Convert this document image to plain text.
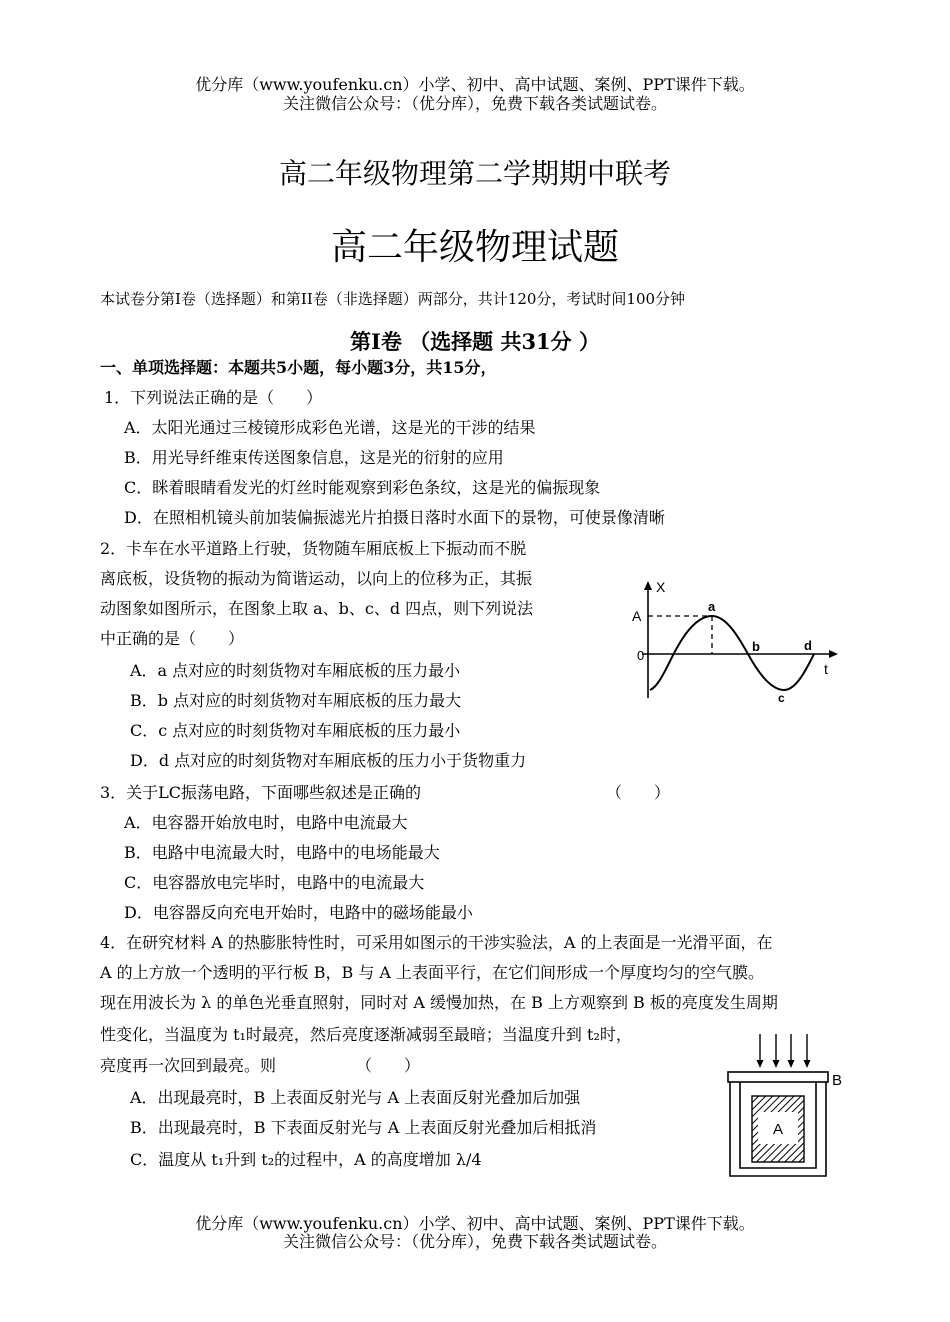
优分库（www.youfenku.cn）小学、初中、高中试题、案例、PPT课件下载。
关注微信公众号：（优分库），免费下载各类试题试卷。
高二年级物理第二学期期中联考
高二年级物理试题
本试卷分第Ⅰ卷（选择题）和第II卷（非选择题）两部分，共计120分，考试时间100分钟
第Ⅰ卷 （选择题 共31分 ）
一、单项选择题：本题共5小题，每小题3分，共15分，
1．下列说法正确的是（　　）
A．太阳光通过三棱镜形成彩色光谱，这是光的干涉的结果
B．用光导纤维束传送图象信息，这是光的衍射的应用
C．眯着眼睛看发光的灯丝时能观察到彩色条纹，这是光的偏振现象
D．在照相机镜头前加装偏振滤光片拍摄日落时水面下的景物，可使景像清晰
2．卡车在水平道路上行驶，货物随车厢底板上下振动而不脱
离底板，设货物的振动为简谐运动，以向上的位移为正，其振
动图象如图所示，在图象上取 a、b、c、d 四点，则下列说法
中正确的是（　　）
A．a 点对应的时刻货物对车厢底板的压力最小
B．b 点对应的时刻货物对车厢底板的压力最大
C．c 点对应的时刻货物对车厢底板的压力最小
D．d 点对应的时刻货物对车厢底板的压力小于货物重力
X
t
A
0
a
b
c
d
3．关于LC振荡电路，下面哪些叙述是正确的	（　　）
A．电容器开始放电时，电路中电流最大
B．电路中电流最大时，电路中的电场能最大
C．电容器放电完毕时，电路中的电流最大
D．电容器反向充电开始时，电路中的磁场能最小
4．在研究材料 A 的热膨胀特性时，可采用如图示的干涉实验法，A 的上表面是一光滑平面，在
A 的上方放一个透明的平行板 B，B 与 A 上表面平行，在它们间形成一个厚度均匀的空气膜。
现在用波长为 λ 的单色光垂直照射，同时对 A 缓慢加热，在 B 上方观察到 B 板的亮度发生周期
性变化，当温度为 t₁时最亮，然后亮度逐渐减弱至最暗；当温度升到 t₂时，
亮度再一次回到最亮。则	（　　）
A．出现最亮时，B 上表面反射光与 A 上表面反射光叠加后加强
B．出现最亮时，B 下表面反射光与 A 上表面反射光叠加后相抵消
C．温度从 t₁升到 t₂的过程中，A 的高度增加 λ/4
A
B
优分库（www.youfenku.cn）小学、初中、高中试题、案例、PPT课件下载。
关注微信公众号：（优分库），免费下载各类试题试卷。
